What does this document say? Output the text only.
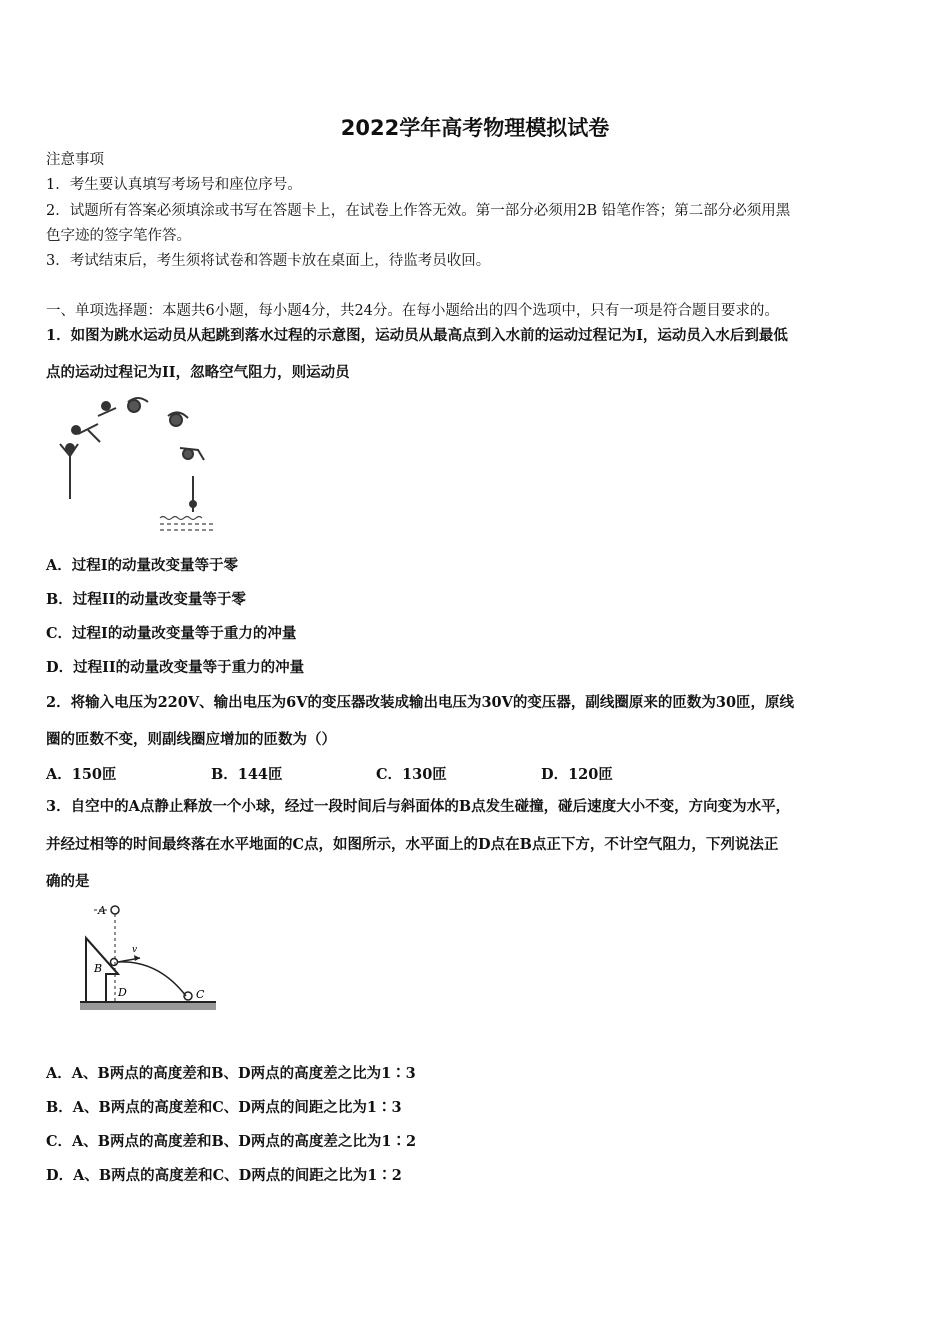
2022学年高考物理模拟试卷
注意事项
1．考生要认真填写考场号和座位序号。
2．试题所有答案必须填涂或书写在答题卡上，在试卷上作答无效。第一部分必须用2B 铅笔作答；第二部分必须用黑
色字迹的签字笔作答。
3．考试结束后，考生须将试卷和答题卡放在桌面上，待监考员收回。
一、单项选择题：本题共6小题，每小题4分，共24分。在每小题给出的四个选项中，只有一项是符合题目要求的。
1．如图为跳水运动员从起跳到落水过程的示意图，运动员从最高点到入水前的运动过程记为I，运动员入水后到最低
点的运动过程记为II，忽略空气阻力，则运动员
A．过程I的动量改变量等于零
B．过程II的动量改变量等于零
C．过程I的动量改变量等于重力的冲量
D．过程II的动量改变量等于重力的冲量
2．将输入电压为220V、输出电压为6V的变压器改装成输出电压为30V的变压器，副线圈原来的匝数为30匝，原线
圈的匝数不变，则副线圈应增加的匝数为（）
A．150匝	B．144匝	C．130匝	D．120匝
3．自空中的A点静止释放一个小球，经过一段时间后与斜面体的B点发生碰撞，碰后速度大小不变，方向变为水平，
并经过相等的时间最终落在水平地面的C点，如图所示，水平面上的D点在B点正下方，不计空气阻力，下列说法正
确的是
A
B
D	C
v
A．A、B两点的高度差和B、D两点的高度差之比为1∶3
B．A、B两点的高度差和C、D两点的间距之比为1∶3
C．A、B两点的高度差和B、D两点的高度差之比为1∶2
D．A、B两点的高度差和C、D两点的间距之比为1∶2
